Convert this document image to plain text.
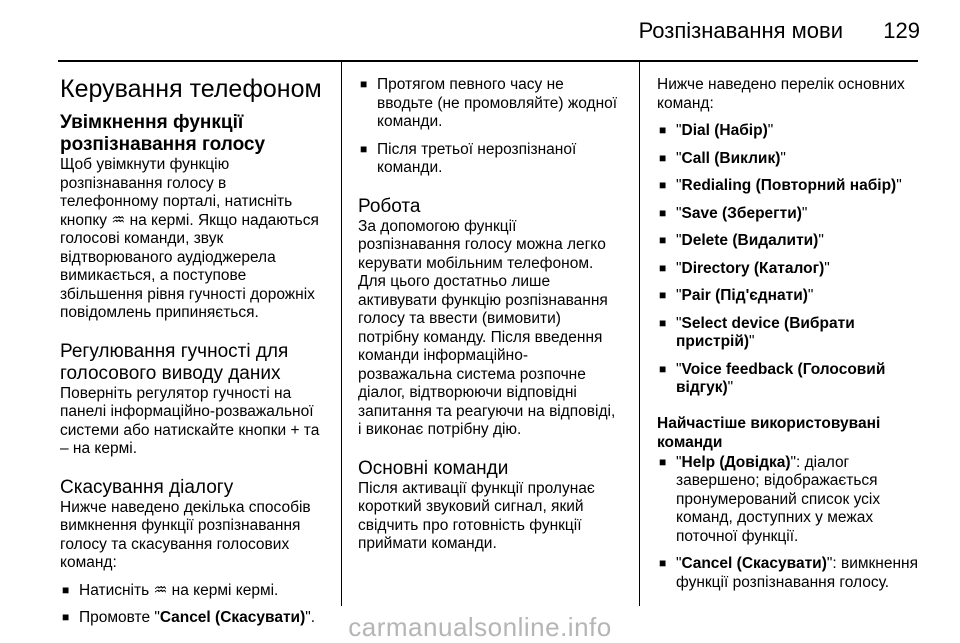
Розпізнавання мови 129
Керування телефоном
Увімкнення функції
розпізнавання голосу
Щоб увімкнути функцію
розпізнавання голосу в
телефонному порталі, натисніть
кнопку ♒ на кермі. Якщо надаються
голосові команди, звук
відтворюваного аудіоджерела
вимикається, а поступове
збільшення рівня гучності дорожніх
повідомлень припиняється.
Регулювання гучності для
голосового виводу даних
Поверніть регулятор гучності на
панелі інформаційно-розважальної
системи або натискайте кнопки + та
– на кермі.
Скасування діалогу
Нижче наведено декілька способів
вимкнення функції розпізнавання
голосу та скасування голосових
команд:
■ Натисніть ♒ на кермі кермі.
■ Промовте "Cancel (Скасувати)".
■ Протягом певного часу не
вводьте (не промовляйте) жодної
команди.
■ Після третьої нерозпізнаної
команди.
Робота
За допомогою функції
розпізнавання голосу можна легко
керувати мобільним телефоном.
Для цього достатньо лише
активувати функцію розпізнавання
голосу та ввести (вимовити)
потрібну команду. Після введення
команди інформаційно-
розважальна система розпочне
діалог, відтворюючи відповідні
запитання та реагуючи на відповіді,
і виконає потрібну дію.
Основні команди
Після активації функції пролунає
короткий звуковий сигнал, який
свідчить про готовність функції
приймати команди.
Нижче наведено перелік основних
команд:
■ "Dial (Набір)"
■ "Call (Виклик)"
■ "Redialing (Повторний набір)"
■ "Save (Зберегти)"
■ "Delete (Видалити)"
■ "Directory (Каталог)"
■ "Pair (Під'єднати)"
■ "Select device (Вибрати
пристрій)"
■ "Voice feedback (Голосовий
відгук)"
Найчастіше використовувані
команди
■ "Help (Довідка)": діалог
завершено; відображається
пронумерований список усіх
команд, доступних у межах
поточної функції.
■ "Cancel (Скасувати)": вимкнення
функції розпізнавання голосу.
carmanualsonline.info
